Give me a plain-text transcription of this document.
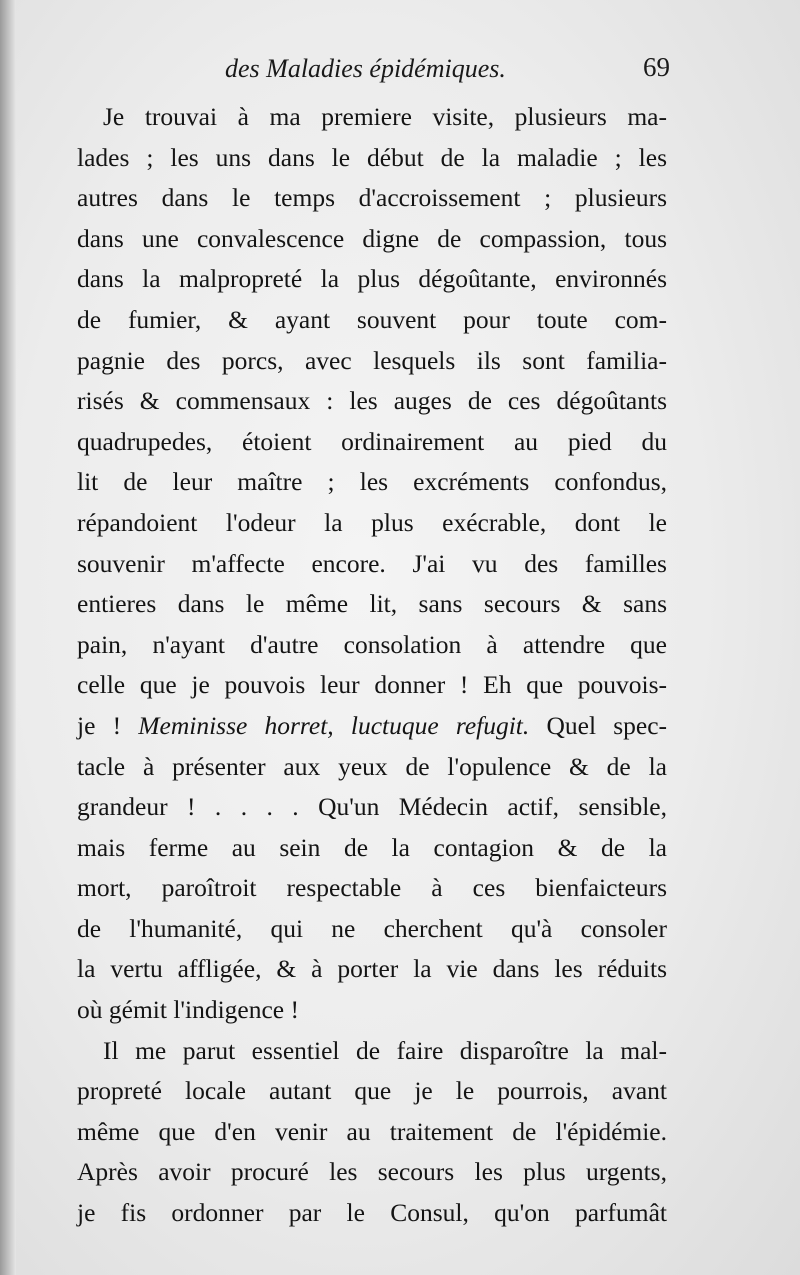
des Maladies épidémiques.	69
Je trouvai à ma premiere visite, plusieurs ma-
lades ; les uns dans le début de la maladie ; les
autres dans le temps d'accroissement ; plusieurs
dans une convalescence digne de compassion, tous
dans la malpropreté la plus dégoûtante, environnés
de fumier, & ayant souvent pour toute com-
pagnie des porcs, avec lesquels ils sont familia-
risés & commensaux : les auges de ces dégoûtants
quadrupedes, étoient ordinairement au pied du
lit de leur maître ; les excréments confondus,
répandoient l'odeur la plus exécrable, dont le
souvenir m'affecte encore. J'ai vu des familles
entieres dans le même lit, sans secours & sans
pain, n'ayant d'autre consolation à attendre que
celle que je pouvois leur donner ! Eh que pouvois-
je ! Meminisse horret, luctuque refugit. Quel spec-
tacle à présenter aux yeux de l'opulence & de la
grandeur ! . . . . Qu'un Médecin actif, sensible,
mais ferme au sein de la contagion & de la
mort, paroîtroit respectable à ces bienfaicteurs
de l'humanité, qui ne cherchent qu'à consoler
la vertu affligée, & à porter la vie dans les réduits
où gémit l'indigence !
Il me parut essentiel de faire disparoître la mal-
propreté locale autant que je le pourrois, avant
même que d'en venir au traitement de l'épidémie.
Après avoir procuré les secours les plus urgents,
je fis ordonner par le Consul, qu'on parfumât
